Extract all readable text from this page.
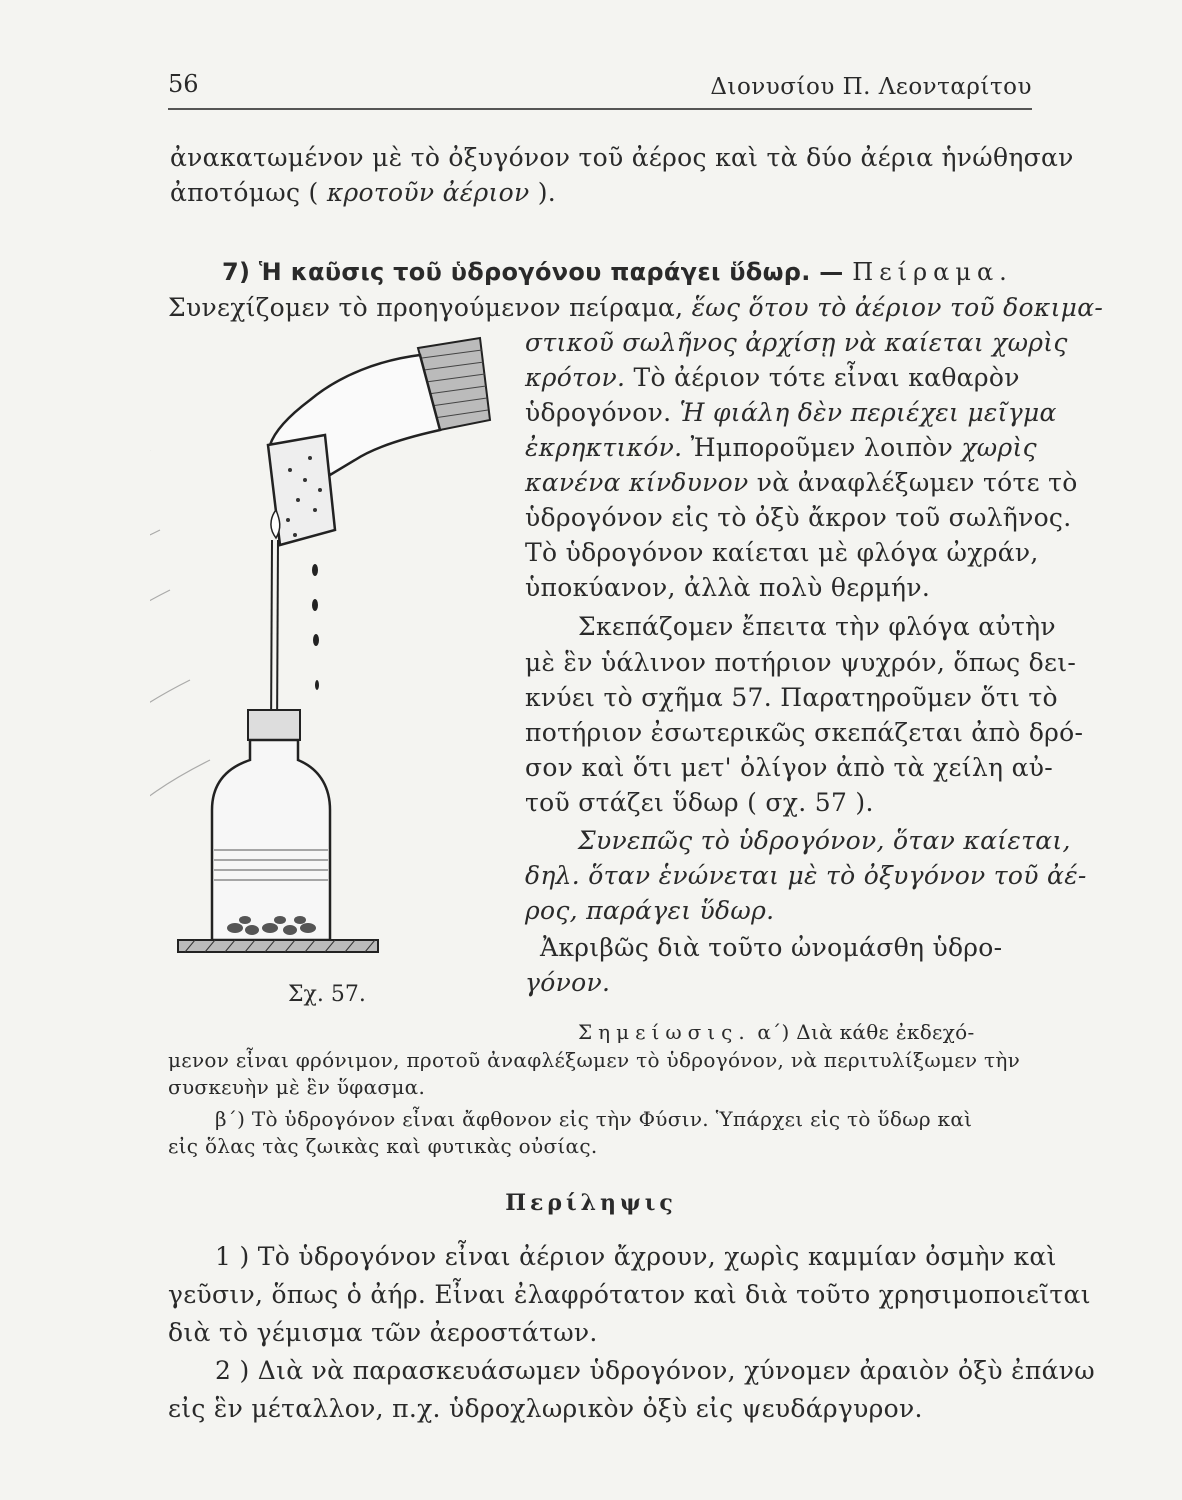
56	Διονυσίου Π. Λεονταρίτου
ἀνακατωμένον μὲ τὸ ὀξυγόνον τοῦ ἀέρος καὶ τὰ δύο ἀέρια ἡνώθησαν
ἀποτόμως ( κροτοῦν ἀέριον ).
7) Ἡ καῦσις τοῦ ὑδρογόνου παράγει ὕδωρ. — Πείραμα.
Συνεχίζομεν τὸ προηγούμενον πείραμα, ἕως ὅτου τὸ ἀέριον τοῦ δοκιμα-
στικοῦ σωλῆνος ἀρχίσῃ νὰ καίεται χωρὶς
κρότον. Τὸ ἀέριον τότε εἶναι καθαρὸν
ὑδρογόνον. Ἡ φιάλη δὲν περιέχει μεῖγμα
ἐκρηκτικόν. Ἠμποροῦμεν λοιπὸν χωρὶς
κανένα κίνδυνον νὰ ἀναφλέξωμεν τότε τὸ
ὑδρογόνον εἰς τὸ ὀξὺ ἄκρον τοῦ σωλῆνος.
Τὸ ὑδρογόνον καίεται μὲ φλόγα ὠχράν,
ὑποκύανον, ἀλλὰ πολὺ θερμήν.
Σκεπάζομεν ἔπειτα τὴν φλόγα αὐτὴν
μὲ ἓν ὑάλινον ποτήριον ψυχρόν, ὅπως δει-
κνύει τὸ σχῆμα 57. Παρατηροῦμεν ὅτι τὸ
ποτήριον ἐσωτερικῶς σκεπάζεται ἀπὸ δρό-
σον καὶ ὅτι μετ' ὀλίγον ἀπὸ τὰ χείλη αὐ-
τοῦ στάζει ὕδωρ ( σχ. 57 ).
Συνεπῶς τὸ ὑδρογόνον, ὅταν καίεται,
δηλ. ὅταν ἑνώνεται μὲ τὸ ὀξυγόνον τοῦ ἀέ-
ρος, παράγει ὕδωρ.
Ἀκριβῶς διὰ τοῦτο ὠνομάσθη ὑδρο-
γόνον.
Σχ. 57.
Σημείωσις. α΄) Διὰ κάθε ἐκδεχό-
μενον εἶναι φρόνιμον, προτοῦ ἀναφλέξωμεν τὸ ὑδρογόνον, νὰ περιτυλίξωμεν τὴν
συσκευὴν μὲ ἓν ὕφασμα.
β΄) Τὸ ὑδρογόνον εἶναι ἄφθονον εἰς τὴν Φύσιν. Ὑπάρχει εἰς τὸ ὕδωρ καὶ
εἰς ὅλας τὰς ζωικὰς καὶ φυτικὰς οὐσίας.
Περίληψις
1 ) Τὸ ὑδρογόνον εἶναι ἀέριον ἄχρουν, χωρὶς καμμίαν ὀσμὴν καὶ
γεῦσιν, ὅπως ὁ ἀήρ. Εἶναι ἐλαφρότατον καὶ διὰ τοῦτο χρησιμοποιεῖται
διὰ τὸ γέμισμα τῶν ἀεροστάτων.
2 ) Διὰ νὰ παρασκευάσωμεν ὑδρογόνον, χύνομεν ἀραιὸν ὀξὺ ἐπάνω
εἰς ἓν μέταλλον, π.χ. ὑδροχλωρικὸν ὀξὺ εἰς ψευδάργυρον.
